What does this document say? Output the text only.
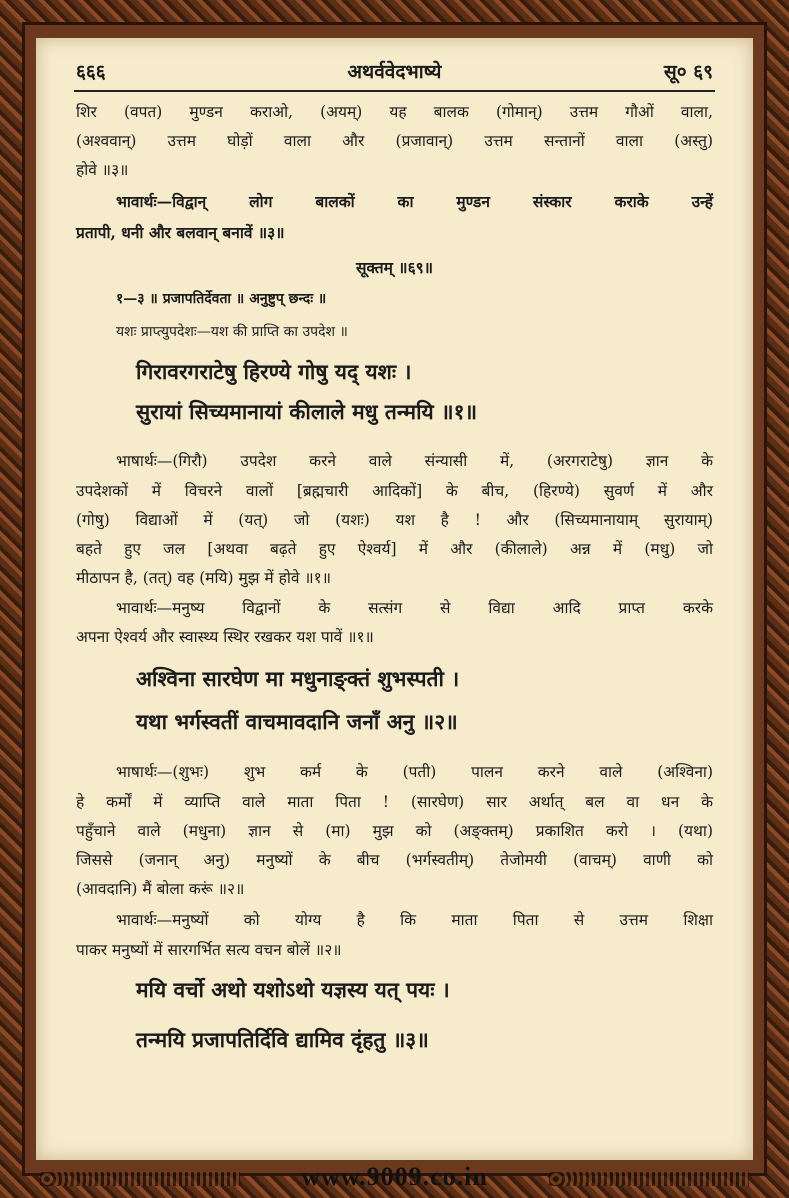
६६६	अथर्ववेदभाष्ये	सू० ६९
शिर (वपत) मुण्डन कराओ, (अयम्) यह बालक (गोमान्) उत्तम गौओं वाला,
(अश्ववान्) उत्तम घोड़ों वाला और (प्रजावान्) उत्तम सन्तानों वाला (अस्तु)
होवे ॥३॥
भावार्थः—विद्वान् लोग बालकों का मुण्डन संस्कार कराके उन्हें
प्रतापी, धनी और बलवान् बनावें ॥३॥
सूक्तम् ॥६९॥
१—३ ॥ प्रजापतिर्देवता ॥ अनुष्टुप् छन्दः ॥
यशः प्राप्त्युपदेशः—यश की प्राप्ति का उपदेश ॥
गिरावरगराटेषु हिरण्ये गोषु यद् यशः ।
सुरायां सिच्यमानायां कीलाले मधु तन्मयि ॥१॥
भाषार्थः—(गिरौ) उपदेश करने वाले संन्यासी में, (अरगराटेषु) ज्ञान के
उपदेशकों में विचरने वालों [ब्रह्मचारी आदिकों] के बीच, (हिरण्ये) सुवर्ण में और
(गोषु) विद्याओं में (यत्) जो (यशः) यश है ! और (सिच्यमानायाम् सुरायाम्)
बहते हुए जल [अथवा बढ़ते हुए ऐश्वर्य] में और (कीलाले) अन्न में (मधु) जो
मीठापन है, (तत्) वह (मयि) मुझ में होवे ॥१॥
भावार्थः—मनुष्य विद्वानों के सत्संग से विद्या आदि प्राप्त करके
अपना ऐश्वर्य और स्वास्थ्य स्थिर रखकर यश पावें ॥१॥
अश्विना सारघेण मा मधुनाङ्क्तं शुभस्पती ।
यथा भर्गस्वतीं वाचमावदानि जनाँ अनु ॥२॥
भाषार्थः—(शुभः) शुभ कर्म के (पती) पालन करने वाले (अश्विना)
हे कर्मों में व्याप्ति वाले माता पिता ! (सारघेण) सार अर्थात् बल वा धन के
पहुँचाने वाले (मधुना) ज्ञान से (मा) मुझ को (अङ्क्तम्) प्रकाशित करो । (यथा)
जिससे (जनान् अनु) मनुष्यों के बीच (भर्गस्वतीम्) तेजोमयी (वाचम्) वाणी को
(आवदानि) मैं बोला करूं ॥२॥
भावार्थः—मनुष्यों को योग्य है कि माता पिता से उत्तम शिक्षा
पाकर मनुष्यों में सारगर्भित सत्य वचन बोलें ॥२॥
मयि वर्चो अथो यशोऽथो यज्ञस्य यत् पयः ।
तन्मयि प्रजापतिर्दिवि द्यामिव दृंहतु ॥३॥
www.9009.co.in
